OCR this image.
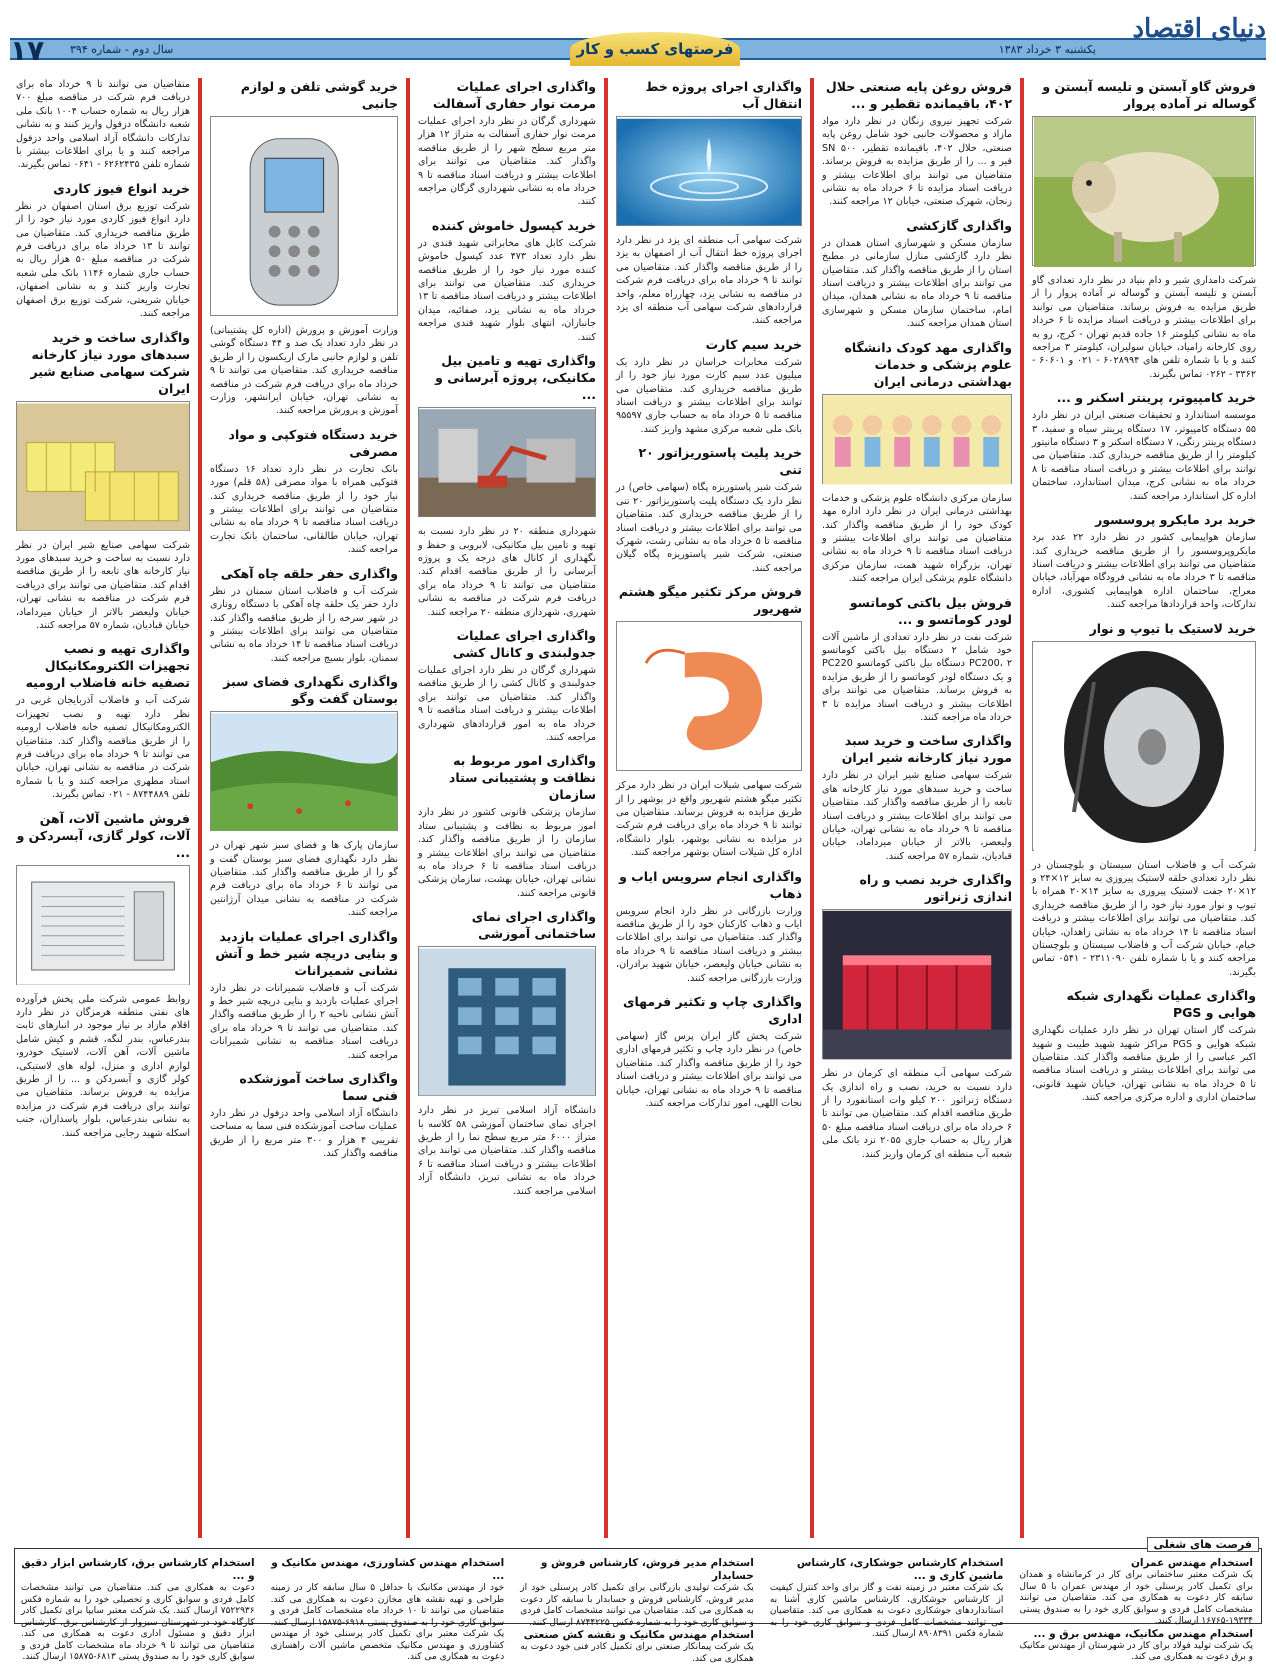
دنیای اقتصاد
یکشنبه ۳ خرداد ۱۳۸۳
فرصتهای کسب و کار
سال دوم - شماره ۳۹۴
۱۷
فروش گاو آبستن و تلیسه آبستن و گوساله نر آماده پروار

شرکت دامداری شیر و دام بنیاد در نظر دارد تعدادی گاو آبستن و تلیسه آبستن و گوساله نر آماده پروار را از طریق مزایده به فروش برساند. متقاضیان می توانند برای اطلاعات بیشتر و دریافت اسناد مزایده تا ۶ خرداد ماه به نشانی کیلومتر ۱۶ جاده قدیم تهران - کرج، رو به روی کارخانه زامیاد، خیابان سولیران، کیلومتر ۳ مراجعه کنند و یا با شماره تلفن های ۶۰۲۸۹۹۴ - ۰۲۱ و ۶۰۶۰۱ - ۳۳۶۲ - ۰۲۶۲ تماس بگیرند.

خرید کامپیوتر، پرینتر اسکنر و ...

موسسه استاندارد و تحقیقات صنعتی ایران در نظر دارد ۵۵ دستگاه کامپیوتر، ۱۷ دستگاه پرینتر سیاه و سفید، ۳ دستگاه پرینتر رنگی، ۷ دستگاه اسکنر و ۳ دستگاه مانیتور کیلومتر را از طریق مناقصه خریداری کند. متقاضیان می توانند برای اطلاعات بیشتر و دریافت اسناد مناقصه تا ۸ خرداد ماه به نشانی کرج، میدان استاندارد، ساختمان اداره کل استاندارد مراجعه کنند.

خرید برد مایکرو پروسسور

سازمان هواپیمایی کشور در نظر دارد ۲۲ عدد برد مایکروپروسسور را از طریق مناقصه خریداری کند. متقاضیان می توانند برای اطلاعات بیشتر و دریافت اسناد مناقصه تا ۳ خرداد ماه به نشانی فرودگاه مهرآباد، خیابان معراج، ساختمان اداره هواپیمایی کشوری، اداره تدارکات، واحد قراردادها مراجعه کنند.

خرید لاستیک با تیوپ و نوار

شرکت آب و فاضلاب استان سیستان و بلوچستان در نظر دارد تعدادی حلقه لاستیک پیروزی به سایز ۱۲×۲۴ و ۱۲×۲۰ جفت لاستیک پیروزی به سایز ۱۴×۲۰ همراه با تیوپ و نوار مورد نیاز خود را از طریق مناقصه خریداری کند. متقاضیان می توانند برای اطلاعات بیشتر و دریافت اسناد مناقصه تا ۱۴ خرداد ماه به نشانی زاهدان، خیابان خیام، خیابان شرکت آب و فاضلاب سیستان و بلوچستان مراجعه کنند و یا با شماره تلفن ۲۳۱۱۰۹۰ - ۰۵۴۱ تماس بگیرند.

واگذاری عملیات نگهداری شبکه هوایی و PGS

شرکت گاز استان تهران در نظر دارد عملیات نگهداری شبکه هوایی و PGS مراکز شهید شهید طیبت و شهید اکبر عباسی را از طریق مناقصه واگذار کند. متقاضیان می توانند برای اطلاعات بیشتر و دریافت اسناد مناقصه تا ۵ خرداد ماه به نشانی تهران، خیابان شهید قانونی، ساختمان اداری و اداره مرکزی مراجعه کنند.

فروش روغن پایه صنعتی حلال ۴۰۲، باقیمانده تقطیر و ...

شرکت تجهیز نیروی زنگان در نظر دارد مواد مازاد و محصولات جانبی خود شامل روغن پایه صنعتی، حلال ۴۰۲، باقیمانده تقطیر، ۵۰۰ SN قیر و ... را از طریق مزایده به فروش برساند. متقاضیان می توانند برای اطلاعات بیشتر و دریافت اسناد مزایده تا ۶ خرداد ماه به نشانی زنجان، شهرک صنعتی، خیابان ۱۲ مراجعه کنند.

واگذاری گازکشی

سازمان مسکن و شهرسازی استان همدان در نظر دارد گازکشی منازل سازمانی در مطبخ استان را از طریق مناقصه واگذار کند. متقاضیان می توانند برای اطلاعات بیشتر و دریافت اسناد مناقصه تا ۹ خرداد ماه به نشانی همدان، میدان امام، ساختمان سازمان مسکن و شهرسازی استان همدان مراجعه کنند.

واگذاری مهد کودک دانشگاه علوم پزشکی و خدمات بهداشتی درمانی ایران

سازمان مرکزی دانشگاه علوم پزشکی و خدمات بهداشتی درمانی ایران در نظر دارد اداره مهد کودک خود را از طریق مناقصه واگذار کند. متقاضیان می توانند برای اطلاعات بیشتر و دریافت اسناد مناقصه تا ۹ خرداد ماه به نشانی تهران، بزرگراه شهید همت، سازمان مرکزی دانشگاه علوم پزشکی ایران مراجعه کنند.

فروش بیل باکتی کوماتسو لودر کوماتسو و ...

شرکت نفت در نظر دارد تعدادی از ماشین آلات خود شامل ۲ دستگاه بیل باکتی کوماتسو PC200، ۲ دستگاه بیل باکتی کوماتسو PC220 و یک دستگاه لودر کوماتسو را از طریق مزایده به فروش برساند. متقاضیان می توانند برای اطلاعات بیشتر و دریافت اسناد مزایده تا ۳ خرداد ماه مراجعه کنند.

واگذاری ساخت و خرید سبد مورد نیاز کارخانه شیر ایران

شرکت سهامی صنایع شیر ایران در نظر دارد ساخت و خرید سبدهای مورد نیاز کارخانه های تابعه را از طریق مناقصه واگذار کند. متقاضیان می توانند برای اطلاعات بیشتر و دریافت اسناد مناقصه تا ۹ خرداد ماه به نشانی تهران، خیابان ولیعصر، بالاتر از خیابان میرداماد، خیابان قبادیان، شماره ۵۷ مراجعه کنند.

واگذاری خرید نصب و راه اندازی ژنراتور

شرکت سهامی آب منطقه ای کرمان در نظر دارد نسبت به خرید، نصب و راه اندازی یک دستگاه ژنراتور ۲۰۰ کیلو وات استانفورد را از طریق مناقصه اقدام کند. متقاضیان می توانند تا ۶ خرداد ماه برای دریافت اسناد مناقصه مبلغ ۵۰ هزار ریال به حساب جاری ۲۰۵۵ نزد بانک ملی شعبه آب منطقه ای کرمان واریز کنند.

واگذاری اجرای پروژه خط انتقال آب

شرکت سهامی آب منطقه ای یزد در نظر دارد اجرای پروژه خط انتقال آب از اصفهان به یزد را از طریق مناقصه واگذار کند. متقاضیان می توانند تا ۹ خرداد ماه برای دریافت فرم شرکت در مناقصه به نشانی یزد، چهارراه معلم، واحد قراردادهای شرکت سهامی آب منطقه ای یزد مراجعه کنند.

خرید سیم کارت

شرکت مخابرات خراسان در نظر دارد یک میلیون عدد سیم کارت مورد نیاز خود را از طریق مناقصه خریداری کند. متقاضیان می توانند برای اطلاعات بیشتر و دریافت اسناد مناقصه تا ۵ خرداد ماه به حساب جاری ۹۵۵۹۷ بانک ملی شعبه مرکزی مشهد واریز کنند.

خرید پلیت پاستوریزاتور ۲۰ تنی

شرکت شیر پاستوریزه پگاه (سهامی خاص) در نظر دارد یک دستگاه پلیت پاستوریزاتور ۲۰ تنی را از طریق مناقصه خریداری کند. متقاضیان می توانند برای اطلاعات بیشتر و دریافت اسناد مناقصه تا ۵ خرداد ماه به نشانی رشت، شهرک صنعتی، شرکت شیر پاستوریزه پگاه گیلان مراجعه کنند.

فروش مرکز تکثیر میگو هشتم شهریور

شرکت سهامی شیلات ایران در نظر دارد مرکز تکثیر میگو هشتم شهریور واقع در بوشهر را از طریق مزایده به فروش برساند. متقاضیان می توانند تا ۹ خرداد ماه برای دریافت فرم شرکت در مزایده به نشانی بوشهر، بلوار دانشگاه، اداره کل شیلات استان بوشهر مراجعه کنند.

واگذاری انجام سرویس ایاب و ذهاب

وزارت بازرگانی در نظر دارد انجام سرویس ایاب و ذهاب کارکنان خود را از طریق مناقصه واگذار کند. متقاضیان می توانند برای اطلاعات بیشتر و دریافت اسناد مناقصه تا ۹ خرداد ماه به نشانی خیابان ولیعصر، خیابان شهید برادران، وزارت بازرگانی مراجعه کنند.

واگذاری چاپ و تکثیر فرمهای اداری

شرکت پخش گاز ایران پرس گاز (سهامی خاص) در نظر دارد چاپ و تکثیر فرمهای اداری خود را از طریق مناقصه واگذار کند. متقاضیان می توانند برای اطلاعات بیشتر و دریافت اسناد مناقصه تا ۹ خرداد ماه به نشانی تهران، خیابان نجات اللهی، امور تدارکات مراجعه کنند.

واگذاری اجرای عملیات مرمت نوار حفاری آسفالت

شهرداری گرگان در نظر دارد اجرای عملیات مرمت نوار حفاری آسفالت به متراژ ۱۲ هزار متر مربع سطح شهر را از طریق مناقصه واگذار کند. متقاضیان می توانند برای اطلاعات بیشتر و دریافت اسناد مناقصه تا ۹ خرداد ماه به نشانی شهرداری گرگان مراجعه کنند.

خرید کپسول خاموش کننده

شرکت کابل های مخابراتی شهید قندی در نظر دارد تعداد ۴۷۳ عدد کپسول خاموش کننده مورد نیاز خود را از طریق مناقصه خریداری کند. متقاضیان می توانند برای اطلاعات بیشتر و دریافت اسناد مناقصه تا ۱۳ خرداد ماه به نشانی یزد، صفائیه، میدان جانبازان، انتهای بلوار شهید قندی مراجعه کنند.

واگذاری تهیه و تامین بیل مکانیکی، پروژه آبرسانی و ...

شهرداری منطقه ۲۰ در نظر دارد نسبت به تهیه و تامین بیل مکانیکی، لابروبی و حفظ و نگهداری از کانال های درجه یک و پروژه آبرسانی را از طریق مناقصه اقدام کند. متقاضیان می توانند تا ۹ خرداد ماه برای دریافت فرم شرکت در مناقصه به نشانی شهرری، شهرداری منطقه ۲۰ مراجعه کنند.

واگذاری اجرای عملیات جدولبندی و کانال کشی

شهرداری گرگان در نظر دارد اجرای عملیات جدولبندی و کانال کشی را از طریق مناقصه واگذار کند. متقاضیان می توانند برای اطلاعات بیشتر و دریافت اسناد مناقصه تا ۹ خرداد ماه به امور قراردادهای شهرداری مراجعه کنند.

واگذاری امور مربوط به نظافت و پشتیبانی ستاد سازمان

سازمان پزشکی قانونی کشور در نظر دارد امور مربوط به نظافت و پشتیبانی ستاد سازمان را از طریق مناقصه واگذار کند. متقاضیان می توانند برای اطلاعات بیشتر و دریافت اسناد مناقصه تا ۶ خرداد ماه به نشانی تهران، خیابان بهشت، سازمان پزشکی قانونی مراجعه کنند.

واگذاری اجرای نمای ساختمانی آموزشی

دانشگاه آزاد اسلامی تبریز در نظر دارد اجرای نمای ساختمان آموزشی ۵۸ کلاسه با متراژ ۶۰۰۰ متر مربع سطح نما را از طریق مناقصه واگذار کند. متقاضیان می توانند برای اطلاعات بیشتر و دریافت اسناد مناقصه تا ۶ خرداد ماه به نشانی تبریز، دانشگاه آزاد اسلامی مراجعه کنند.

خرید گوشی تلفن و لوازم جانبی

وزارت آموزش و پرورش (اداره کل پشتیبانی) در نظر دارد تعداد یک صد و ۴۴ دستگاه گوشی تلفن و لوازم جانبی مارک اریکسون را از طریق مناقصه خریداری کند. متقاضیان می توانند تا ۹ خرداد ماه برای دریافت فرم شرکت در مناقصه به نشانی تهران، خیابان ایرانشهر، وزارت آموزش و پرورش مراجعه کنند.

خرید دستگاه فتوکپی و مواد مصرفی

بانک تجارت در نظر دارد تعداد ۱۶ دستگاه فتوکپی همراه با مواد مصرفی (۵۸ قلم) مورد نیاز خود را از طریق مناقصه خریداری کند. متقاضیان می توانند برای اطلاعات بیشتر و دریافت اسناد مناقصه تا ۹ خرداد ماه به نشانی تهران، خیابان طالقانی، ساختمان بانک تجارت مراجعه کنند.

واگذاری حفر حلقه چاه آهکی

شرکت آب و فاضلاب استان سمنان در نظر دارد حفر یک حلقه چاه آهکی با دستگاه روتاری در شهر سرخه را از طریق مناقصه واگذار کند. متقاضیان می توانند برای اطلاعات بیشتر و دریافت اسناد مناقصه تا ۱۴ خرداد ماه به نشانی سمنان، بلوار بسیج مراجعه کنند.

واگذاری نگهداری فضای سبز بوستان گفت وگو

سازمان پارک ها و فضای سبز شهر تهران در نظر دارد نگهداری فضای سبز بوستان گفت و گو را از طریق مناقصه واگذار کند. متقاضیان می توانند تا ۶ خرداد ماه برای دریافت فرم شرکت در مناقصه به نشانی میدان آرژانتین مراجعه کنند.

واگذاری اجرای عملیات بازدید و بنایی دریچه شیر خط و آتش نشانی شمیرانات

شرکت آب و فاضلاب شمیرانات در نظر دارد اجرای عملیات بازدید و بنایی دریچه شیر خط و آتش نشانی ناحیه ۲ را از طریق مناقصه واگذار کند. متقاضیان می توانند تا ۹ خرداد ماه برای دریافت اسناد مناقصه به نشانی شمیرانات مراجعه کنند.

واگذاری ساخت آموزشکده فنی سما

دانشگاه آزاد اسلامی واحد دزفول در نظر دارد عملیات ساخت آموزشکده فنی سما به مساحت تقریبی ۴ هزار و ۳۰۰ متر مربع را از طریق مناقصه واگذار کند.

متقاضیان می توانند تا ۹ خرداد ماه برای دریافت فرم شرکت در مناقصه مبلغ ۷۰۰ هزار ریال به شماره حساب ۱۰۰۴ بانک ملی شعبه دانشگاه دزفول واریز کنند و به نشانی تدارکات دانشگاه آزاد اسلامی واحد دزفول مراجعه کنند و یا برای اطلاعات بیشتر با شماره تلفن ۶۲۶۲۴۳۵ - ۰۶۴۱ تماس بگیرند.

خرید انواع فیوز کاردی

شرکت توزیع برق استان اصفهان در نظر دارد انواع فیوز کاردی مورد نیاز خود را از طریق مناقصه خریداری کند. متقاضیان می توانند تا ۱۳ خرداد ماه برای دریافت فرم شرکت در مناقصه مبلغ ۵۰ هزار ریال به حساب جاری شماره ۱۱۴۶ بانک ملی شعبه تجارت واریز کنند و به نشانی اصفهان، خیابان شریعتی، شرکت توزیع برق اصفهان مراجعه کنند.

واگذاری ساخت و خرید سبدهای مورد نیاز کارخانه شرکت سهامی صنایع شیر ایران

شرکت سهامی صنایع شیر ایران در نظر دارد نسبت به ساخت و خرید سبدهای مورد نیاز کارخانه های تابعه را از طریق مناقصه اقدام کند. متقاضیان می توانند برای دریافت فرم شرکت در مناقصه به نشانی تهران، خیابان ولیعصر بالاتر از خیابان میرداماد، خیابان قبادیان، شماره ۵۷ مراجعه کنند.

واگذاری تهیه و نصب تجهیزات الکترومکانیکال تصفیه خانه فاضلاب ارومیه

شرکت آب و فاضلاب آذربایجان غربی در نظر دارد تهیه و نصب تجهیزات الکترومکانیکال تصفیه خانه فاضلاب ارومیه را از طریق مناقصه واگذار کند. متقاضیان می توانند تا ۹ خرداد ماه برای دریافت فرم شرکت در مناقصه به نشانی تهران، خیابان استاد مطهری مراجعه کنند و یا با شماره تلفن ۸۷۴۴۸۸۹ - ۰۲۱ تماس بگیرند.

فروش ماشین آلات، آهن آلات، کولر گازی، آبسردکن و ...

روابط عمومی شرکت ملی پخش فرآورده های نفتی منطقه هرمزگان در نظر دارد اقلام مازاد بر نیاز موجود در انبارهای ثابت بندرعباس، بندر لنگه، قشم و کیش شامل ماشین آلات، آهن آلات، لاستیک خودرو، لوازم اداری و منزل، لوله های لاستیکی، کولر گازی و آبسردکن و ... را از طریق مزایده به فروش برساند. متقاضیان می توانند برای دریافت فرم شرکت در مزایده به نشانی بندرعباس، بلوار پاسداران، جنب اسکله شهید رجایی مراجعه کنند.

فرصت های شغلی
استخدام مهندس عمران

یک شرکت معتبر ساختمانی برای کار در کرمانشاه و همدان برای تکمیل کادر پرسنلی خود از مهندس عمران با ۵ سال سابقه کار دعوت به همکاری می کند. متقاضیان می توانند مشخصات کامل فردی و سوابق کاری خود را به صندوق پستی ۱۹۳۳۴-۱۶۷۶۵ ارسال کنند.

استخدام مهندس مکانیک، مهندس برق و ...

یک شرکت تولید فولاد برای کار در شهرستان از مهندس مکانیک و برق دعوت به همکاری می کند.

استخدام کارشناس جوشکاری، کارشناس ماشین کاری و ...

یک شرکت معتبر در زمینه نفت و گاز برای واحد کنترل کیفیت از کارشناس جوشکاری، کارشناس ماشین کاری آشنا به استانداردهای جوشکاری دعوت به همکاری می کند. متقاضیان می توانند مشخصات کامل فردی و سوابق کاری خود را به شماره فکس ۸۹۰۸۳۹۱ ارسال کنند.

استخدام مدیر فروش، کارشناس فروش و حسابدار

یک شرکت تولیدی بازرگانی برای تکمیل کادر پرسنلی خود از مدیر فروش، کارشناس فروش و حسابدار با سابقه کار دعوت به همکاری می کند. متقاضیان می توانند مشخصات کامل فردی و سوابق کاری خود را به شماره فکس ۸۷۴۴۲۲۵ ارسال کنند.

استخدام مهندس مکانیک و نقشه کش صنعتی

یک شرکت پیمانکار صنعتی برای تکمیل کادر فنی خود دعوت به همکاری می کند.

استخدام مهندس کشاورزی، مهندس مکانیک و ...

خود از مهندس مکانیک با حداقل ۵ سال سابقه کار در زمینه طراحی و تهیه نقشه های مخازن دعوت به همکاری می کند. متقاضیان می توانند تا ۱۰ خرداد ماه مشخصات کامل فردی و سوابق کاری خود را به صندوق پستی ۶۹۱۸-۱۵۸۷۵ ارسال کنند. یک شرکت معتبر برای تکمیل کادر پرسنلی خود از مهندس کشاورزی و مهندس مکانیک متخصص ماشین آلات راهسازی دعوت به همکاری می کند.

استخدام کارشناس برق، کارشناس ابزار دقیق و ...

دعوت به همکاری می کند. متقاضیان می توانند مشخصات کامل فردی و سوابق کاری و تحصیلی خود را به شماره فکس ۷۵۲۲۹۳۶ ارسال کنند. یک شرکت معتبر سایپا برای تکمیل کادر کارگاه خود در شهرستان سبزوار از کارشناس برق، کارشناس ابزار دقیق و مسئول اداری دعوت به همکاری می کند. متقاضیان می توانند تا ۹ خرداد ماه مشخصات کامل فردی و سوابق کاری خود را به صندوق پستی ۶۸۱۳-۱۵۸۷۵ ارسال کنند.
